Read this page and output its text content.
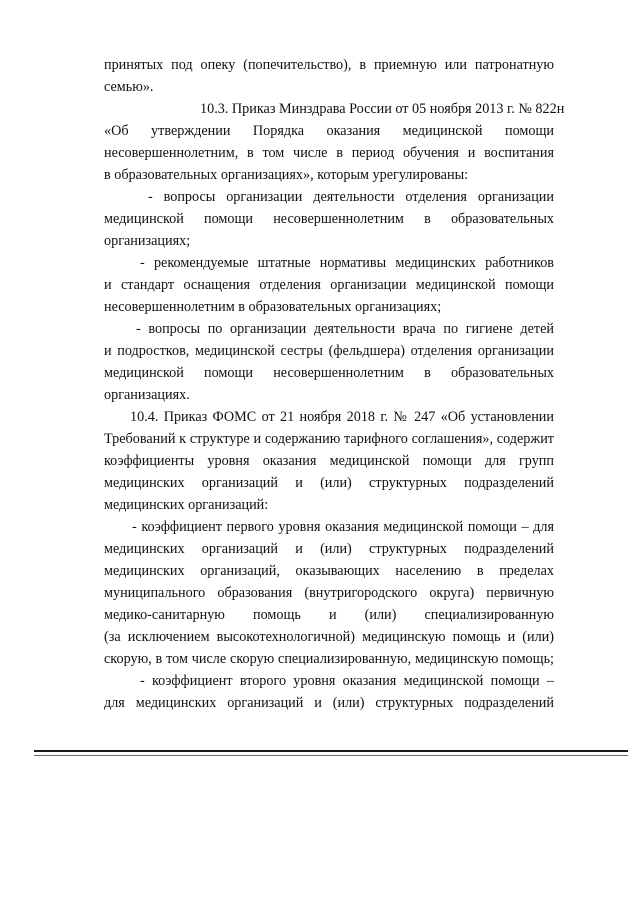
принятых под опеку (попечительство), в приемную или патронатную
семью».
10.3. Приказ Минздрава России от 05 ноября 2013 г. № 822н
«Об утверждении Порядка оказания медицинской помощи
несовершеннолетним, в том числе в период обучения и воспитания
в образовательных организациях», которым урегулированы:
- вопросы организации деятельности отделения организации
медицинской помощи несовершеннолетним в образовательных
организациях;
- рекомендуемые штатные нормативы медицинских работников
и стандарт оснащения отделения организации медицинской помощи
несовершеннолетним в образовательных организациях;
- вопросы по организации деятельности врача по гигиене детей
и подростков, медицинской сестры (фельдшера) отделения организации
медицинской помощи несовершеннолетним в образовательных
организациях.
10.4. Приказ ФОМС от 21 ноября 2018 г. № 247 «Об установлении
Требований к структуре и содержанию тарифного соглашения», содержит
коэффициенты уровня оказания медицинской помощи для групп
медицинских организаций и (или) структурных подразделений
медицинских организаций:
- коэффициент первого уровня оказания медицинской помощи – для
медицинских организаций и (или) структурных подразделений
медицинских организаций, оказывающих населению в пределах
муниципального образования (внутригородского округа) первичную
медико-санитарную помощь и (или) специализированную
(за исключением высокотехнологичной) медицинскую помощь и (или)
скорую, в том числе скорую специализированную, медицинскую помощь;
- коэффициент второго уровня оказания медицинской помощи –
для медицинских организаций и (или) структурных подразделений
